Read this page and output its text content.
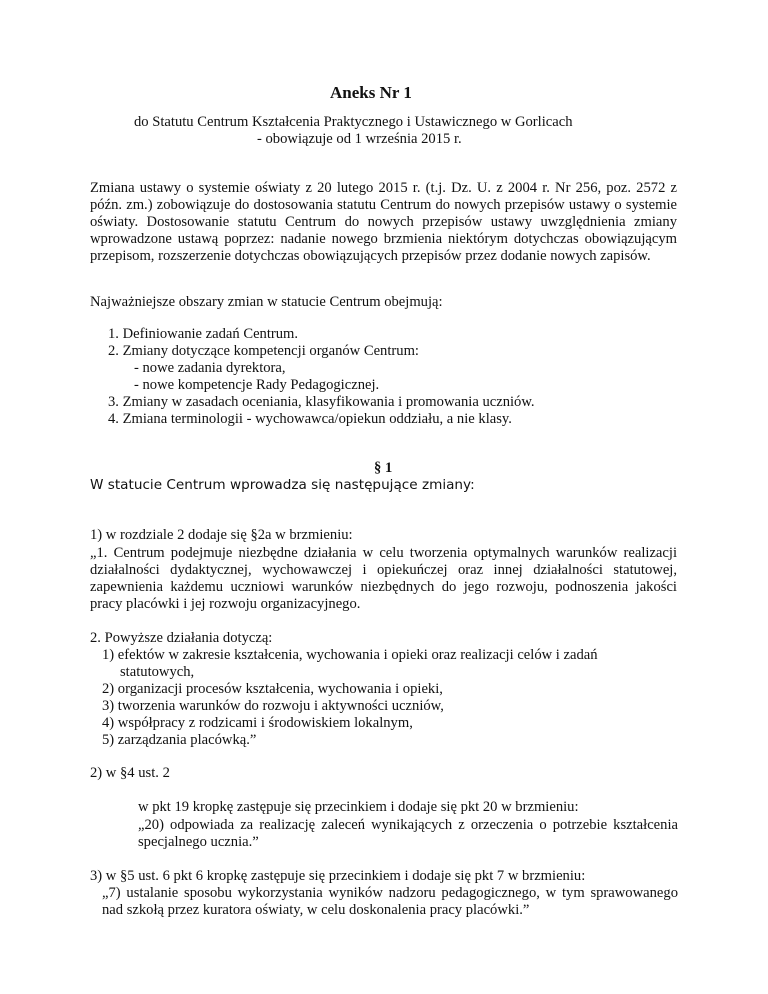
Aneks Nr 1
do Statutu Centrum Kształcenia Praktycznego i Ustawicznego w Gorlicach
- obowiązuje od 1 września 2015 r.
Zmiana ustawy o systemie oświaty z 20 lutego 2015 r. (t.j. Dz. U. z 2004 r. Nr 256, poz. 2572 z późn. zm.) zobowiązuje do dostosowania statutu Centrum do nowych przepisów ustawy o systemie oświaty. Dostosowanie statutu Centrum do nowych przepisów ustawy uwzględnienia zmiany wprowadzone ustawą poprzez: nadanie nowego brzmienia niektórym dotychczas obowiązującym przepisom, rozszerzenie dotychczas obowiązujących przepisów przez dodanie nowych zapisów.
Najważniejsze obszary zmian w statucie Centrum obejmują:
1. Definiowanie zadań Centrum.
2. Zmiany dotyczące kompetencji organów Centrum:
- nowe zadania dyrektora,
- nowe kompetencje Rady Pedagogicznej.
3. Zmiany w zasadach oceniania, klasyfikowania i promowania uczniów.
4. Zmiana terminologii - wychowawca/opiekun oddziału, a nie klasy.
§ 1
W statucie Centrum wprowadza się następujące zmiany:
1) w rozdziale 2 dodaje się §2a w brzmieniu:
„1. Centrum podejmuje niezbędne działania w celu tworzenia optymalnych warunków realizacji działalności dydaktycznej, wychowawczej i opiekuńczej oraz innej działalności statutowej, zapewnienia każdemu uczniowi warunków niezbędnych do jego rozwoju, podnoszenia jakości pracy placówki i jej rozwoju organizacyjnego.
2. Powyższe działania dotyczą:
1) efektów w zakresie kształcenia, wychowania i opieki oraz realizacji celów i zadań
statutowych,
2) organizacji procesów kształcenia, wychowania i opieki,
3) tworzenia warunków do rozwoju i aktywności uczniów,
4) współpracy z rodzicami i środowiskiem lokalnym,
5) zarządzania placówką.”
2) w §4 ust. 2
w pkt 19 kropkę zastępuje się przecinkiem i dodaje się pkt 20 w brzmieniu:
„20) odpowiada za realizację zaleceń wynikających z orzeczenia o potrzebie kształcenia specjalnego ucznia.”
3) w §5 ust. 6 pkt 6 kropkę zastępuje się przecinkiem i dodaje się pkt 7 w brzmieniu:
„7) ustalanie sposobu wykorzystania wyników nadzoru pedagogicznego, w tym sprawowanego nad szkołą przez kuratora oświaty, w celu doskonalenia pracy placówki.”
